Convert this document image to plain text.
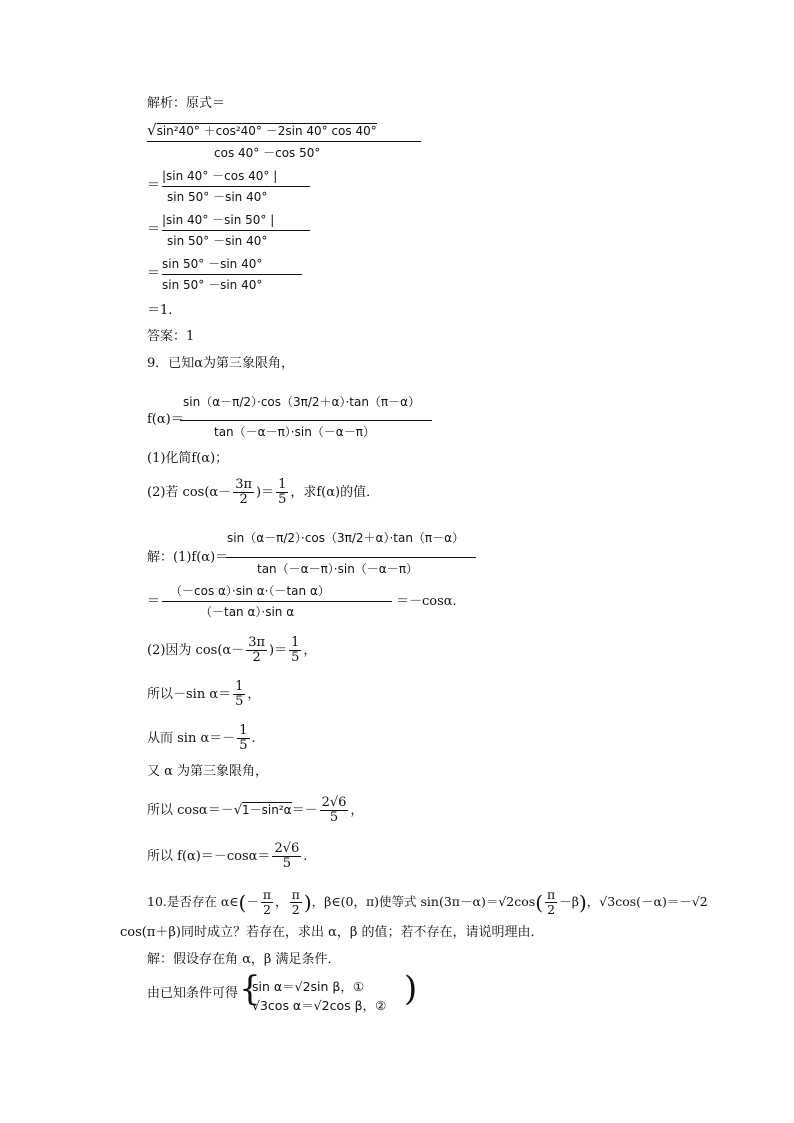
解析：原式＝
√sin²40° ＋cos²40° －2sin 40° cos 40°
cos 40° －cos 50°
＝
|sin 40° －cos 40° |
sin 50° －sin 40°
＝
|sin 40° －sin 50° |
sin 50° －sin 40°
＝
sin 50° －sin 40°
sin 50° －sin 40°
＝1.
答案：1
9．已知α为第三象限角，
f(α)＝
sin（α－π/2）·cos（3π/2＋α）·tan（π－α）
tan（－α－π）·sin（－α－π）
(1)化简f(α)；
(2)若 $\cos(\alpha- \frac{3\pi}{2}$ )＝ $\frac{1}{5}$ ，求f(α)的值．
解：(1)f(α)＝
sin（α－π/2）·cos（3π/2＋α）·tan（π－α）
tan（－α－π）·sin（－α－π）
＝
（－cos α）·sin α·（－tan α）
（－tan α）·sin α
＝－cosα.
(2)因为 $\cos(\alpha- \frac{3\pi}{2}$ )＝ $\frac{1}{5}$ ，
所以－sin $\alpha= \frac{1}{5}$ ，
从而 $\sin \alpha=- \frac{1}{5}$ .
又 α 为第三象限角，
所以 $\cos\alpha=-√1-\sin^2\alpha=- \frac{2√6}{5}$ ，
所以 $f(\alpha)=-\cos\alpha= \frac{2√6}{5}$ .
10.是否存在 α∈(－ $\frac{\pi}{2}$ ， $\frac{\pi}{2}$ )，β∈(0，π)使等式 $\sin(3\pi-\alpha)=√2\cos( \frac{\pi}{2} -\beta)$，√3cos(－α)＝－√2
cos(π＋β)同时成立？若存在，求出 α，β 的值；若不存在，请说明理由．
解：假设存在角 α，β 满足条件．
由已知条件可得 {
sin α＝√2sin β，①
√3cos α＝√2cos β，② )
